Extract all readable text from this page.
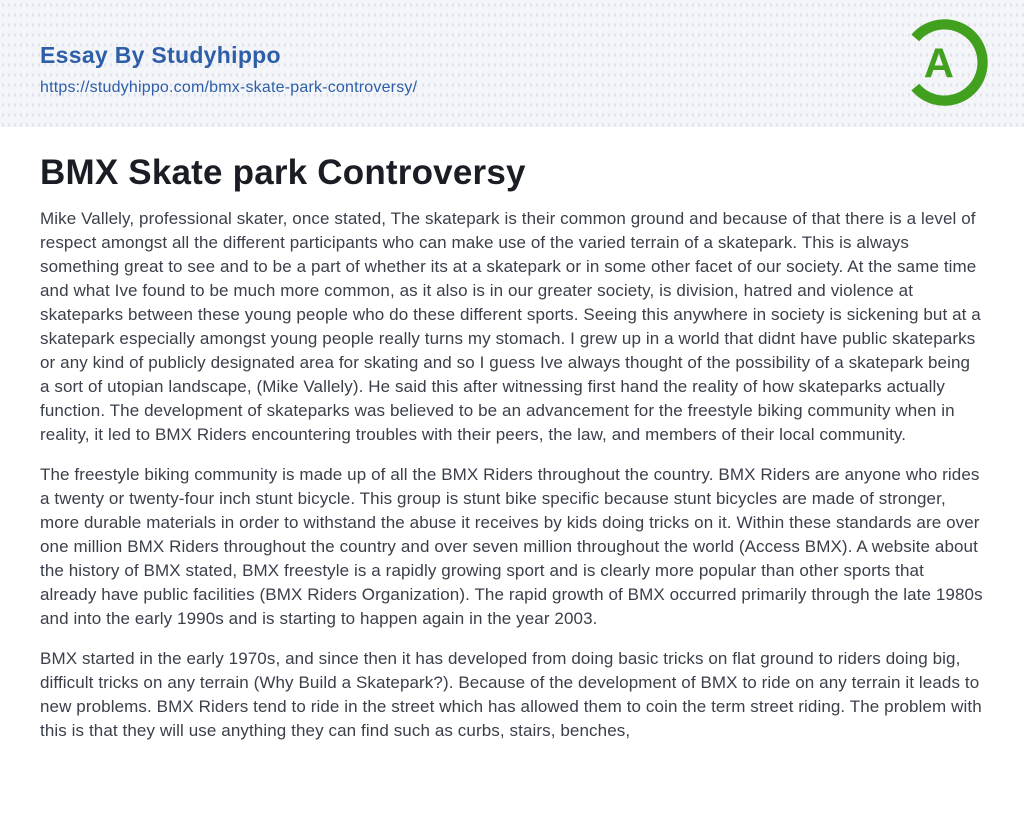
Essay By Studyhippo
https://studyhippo.com/bmx-skate-park-controversy/
A
BMX Skate park Controversy

Mike Vallely, professional skater, once stated, The skatepark is their common ground and because of that there is a level of respect amongst all the different participants who can make use of the varied terrain of a skatepark. This is always something great to see and to be a part of whether its at a skatepark or in some other facet of our society. At the same time and what Ive found to be much more common, as it also is in our greater society, is division, hatred and violence at skateparks between these young people who do these different sports. Seeing this anywhere in society is sickening but at a skatepark especially amongst young people really turns my stomach. I grew up in a world that didnt have public skateparks or any kind of publicly designated area for skating and so I guess Ive always thought of the possibility of a skatepark being a sort of utopian landscape, (Mike Vallely). He said this after witnessing first hand the reality of how skateparks actually function. The development of skateparks was believed to be an advancement for the freestyle biking community when in reality, it led to BMX Riders encountering troubles with their peers, the law, and members of their local community.

The freestyle biking community is made up of all the BMX Riders throughout the country. BMX Riders are anyone who rides a twenty or twenty-four inch stunt bicycle. This group is stunt bike specific because stunt bicycles are made of stronger, more durable materials in order to withstand the abuse it receives by kids doing tricks on it. Within these standards are over one million BMX Riders throughout the country and over seven million throughout the world (Access BMX). A website about the history of BMX stated, BMX freestyle is a rapidly growing sport and is clearly more popular than other sports that already have public facilities (BMX Riders Organization). The rapid growth of BMX occurred primarily through the late 1980s and into the early 1990s and is starting to happen again in the year 2003.

BMX started in the early 1970s, and since then it has developed from doing basic tricks on flat ground to riders doing big, difficult tricks on any terrain (Why Build a Skatepark?). Because of the development of BMX to ride on any terrain it leads to new problems. BMX Riders tend to ride in the street which has allowed them to coin the term street riding. The problem with this is that they will use anything they can find such as curbs, stairs, benches,
